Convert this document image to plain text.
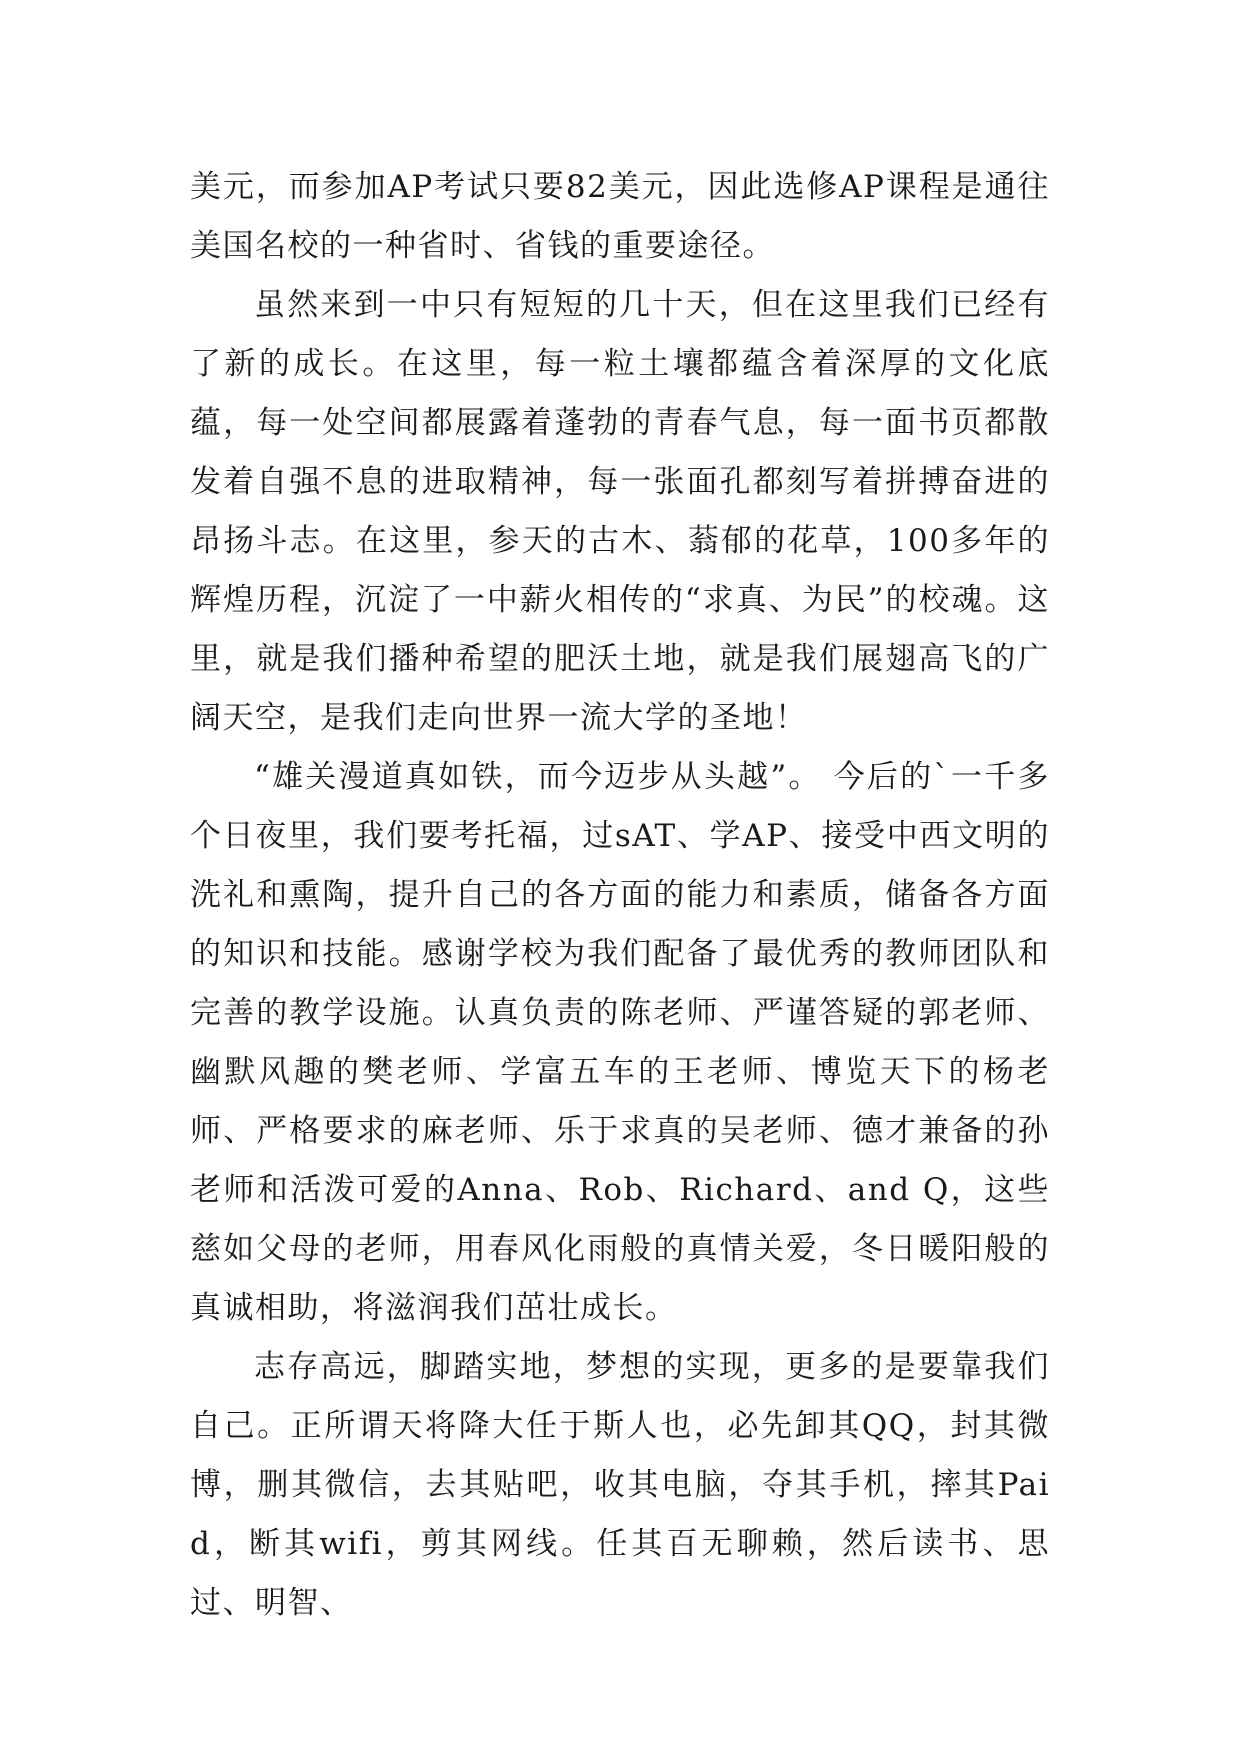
美元，而参加AP考试只要82美元，因此选修AP课程是通往美国名校的一种省时、省钱的重要途径。

虽然来到一中只有短短的几十天，但在这里我们已经有了新的成长。在这里，每一粒土壤都蕴含着深厚的文化底蕴，每一处空间都展露着蓬勃的青春气息，每一面书页都散发着自强不息的进取精神，每一张面孔都刻写着拼搏奋进的昂扬斗志。在这里，参天的古木、蓊郁的花草，100多年的辉煌历程，沉淀了一中薪火相传的“求真、为民”的校魂。这里，就是我们播种希望的肥沃土地，就是我们展翅高飞的广阔天空，是我们走向世界一流大学的圣地！

“雄关漫道真如铁，而今迈步从头越”。 今后的`一千多个日夜里，我们要考托福，过sAT、学AP、接受中西文明的洗礼和熏陶，提升自己的各方面的能力和素质，储备各方面的知识和技能。感谢学校为我们配备了最优秀的教师团队和完善的教学设施。认真负责的陈老师、严谨答疑的郭老师、幽默风趣的樊老师、学富五车的王老师、博览天下的杨老师、严格要求的麻老师、乐于求真的吴老师、德才兼备的孙老师和活泼可爱的Anna、Rob、Richard、and Q，这些慈如父母的老师，用春风化雨般的真情关爱，冬日暖阳般的真诚相助，将滋润我们茁壮成长。

志存高远，脚踏实地，梦想的实现，更多的是要靠我们自己。正所谓天将降大任于斯人也，必先卸其QQ，封其微博，删其微信，去其贴吧，收其电脑，夺其手机，摔其Paid，断其wifi，剪其网线。任其百无聊赖，然后读书、思过、明智、
